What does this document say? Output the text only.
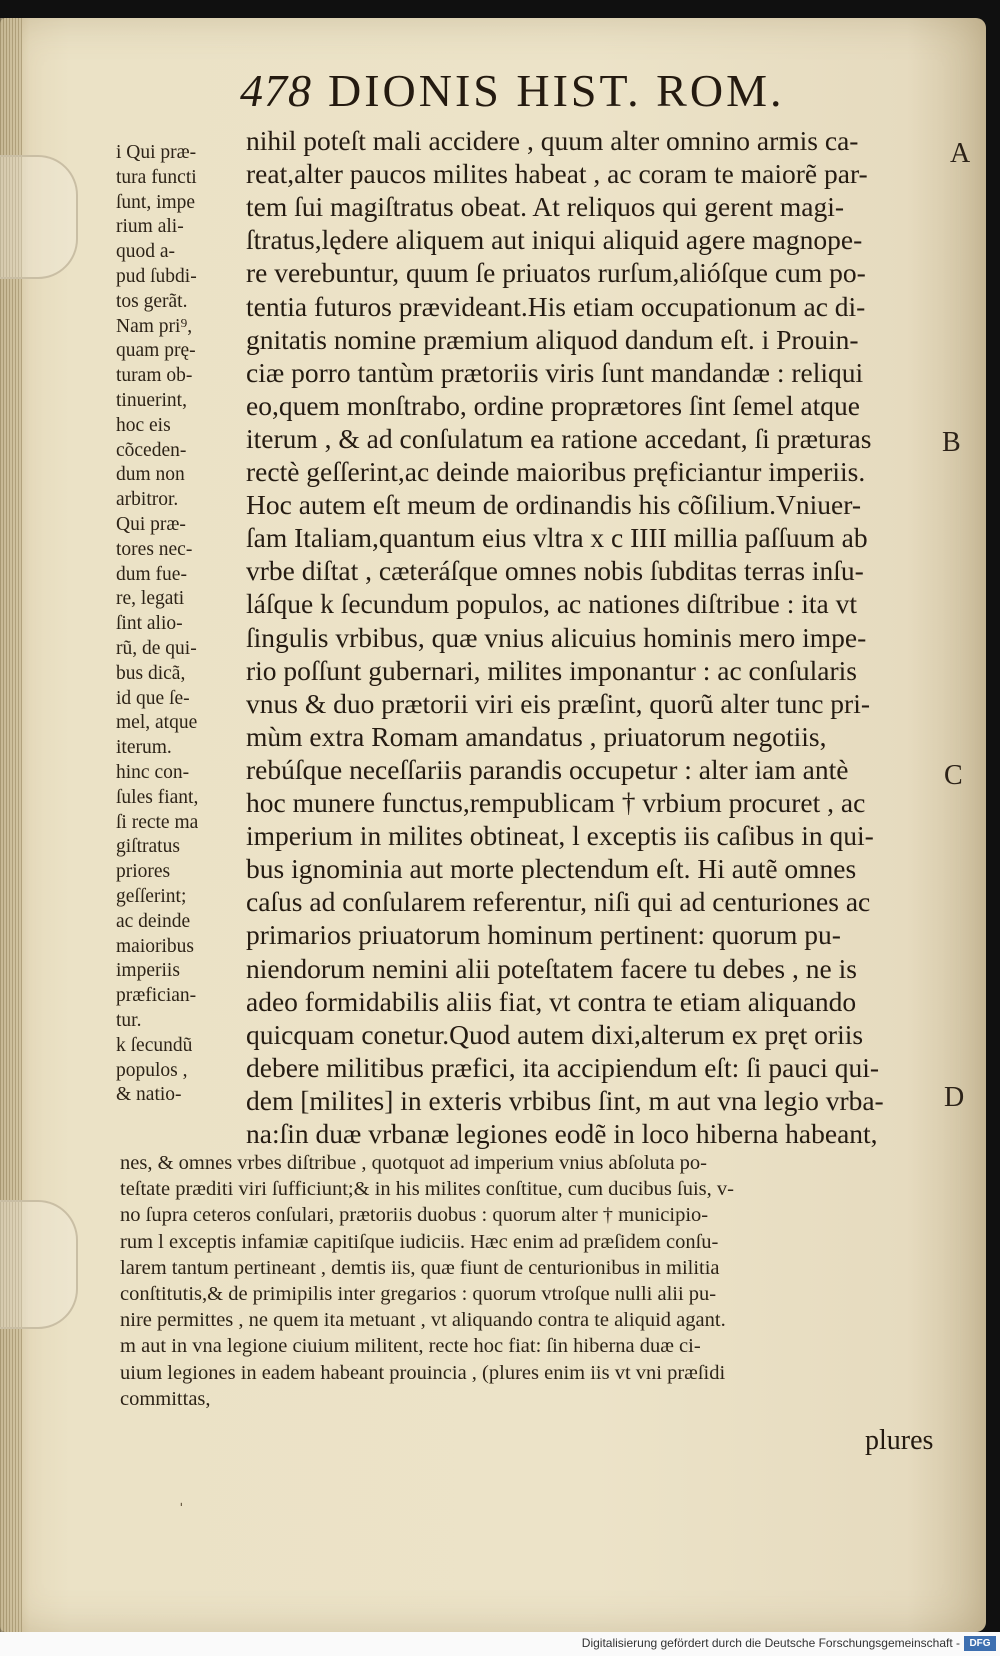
478 DIONIS HIST. ROM.
nihil poteſt mali accidere , quum alter omnino armis ca-
reat,alter paucos milites habeat , ac coram te maiorẽ par-
tem ſui magiſtratus obeat. At reliquos qui gerent magi-
ſtratus,lędere aliquem aut iniqui aliquid agere magnope-
re verebuntur, quum ſe priuatos rurſum,alióſque cum po-
tentia futuros prævideant.His etiam occupationum ac di-
gnitatis nomine præmium aliquod dandum eſt. i Prouin-
ciæ porro tantùm prætoriis viris ſunt mandandæ : reliqui
eo,quem monſtrabo, ordine proprætores ſint ſemel atque
iterum , & ad conſulatum ea ratione accedant, ſi præturas
rectè geſſerint,ac deinde maioribus pręficiantur imperiis.
Hoc autem eſt meum de ordinandis his cõſilium.Vniuer-
ſam Italiam,quantum eius vltra x c IIII millia paſſuum ab
vrbe diſtat , cæteráſque omnes nobis ſubditas terras inſu-
láſque k ſecundum populos, ac nationes diſtribue : ita vt
ſingulis vrbibus, quæ vnius alicuius hominis mero impe-
rio poſſunt gubernari, milites imponantur : ac conſularis
vnus & duo prætorii viri eis præſint, quorũ alter tunc pri-
mùm extra Romam amandatus , priuatorum negotiis,
rebúſque neceſſariis parandis occupetur : alter iam antè
hoc munere functus,rempublicam † vrbium procuret , ac
imperium in milites obtineat, l exceptis iis caſibus in qui-
bus ignominia aut morte plectendum eſt. Hi autẽ omnes
caſus ad conſularem referentur, niſi qui ad centuriones ac
primarios priuatorum hominum pertinent: quorum pu-
niendorum nemini alii poteſtatem facere tu debes , ne is
adeo formidabilis aliis fiat, vt contra te etiam aliquando
quicquam conetur.Quod autem dixi,alterum ex pręt oriis
debere militibus præfici, ita accipiendum eſt: ſi pauci qui-
dem [milites] in exteris vrbibus ſint, m aut vna legio vrba-
na:ſin duæ vrbanæ legiones eodẽ in loco hiberna habeant,
i Qui præ-
tura functi
ſunt, impe
rium ali-
quod a-
pud ſubdi-
tos gerãt.
Nam pri⁹,
quam prę-
turam ob-
tinuerint,
hoc eis
cõceden-
dum non
arbitror.
Qui præ-
tores nec-
dum fue-
re, legati
ſint alio-
rũ, de qui-
bus dicã,
id que ſe-
mel, atque
iterum.
hinc con-
ſules fiant,
ſi recte ma
giſtratus
priores
geſſerint;
ac deinde
maioribus
imperiis
præfician-
tur.
k ſecundũ
populos ,
& natio-
nes, & omnes vrbes diſtribue , quotquot ad imperium vnius abſoluta po-
teſtate præditi viri ſufficiunt;& in his milites conſtitue, cum ducibus ſuis, v-
no ſupra ceteros conſulari, prætoriis duobus : quorum alter † municipio-
rum l exceptis infamiæ capitiſque iudiciis. Hæc enim ad præſidem conſu-
larem tantum pertineant , demtis iis, quæ fiunt de centurionibus in militia
conſtitutis,& de primipilis inter gregarios : quorum vtroſque nulli alii pu-
nire permittes , ne quem ita metuant , vt aliquando contra te aliquid agant.
m aut in vna legione ciuium militent, recte hoc fiat: ſin hiberna duæ ci-
uium legiones in eadem habeant prouincia , (plures enim iis vt vni præſidi
committas,
A
B
C
D
plures
ˈ
Digitalisierung gefördert durch die Deutsche Forschungsgemeinschaft - DFG
